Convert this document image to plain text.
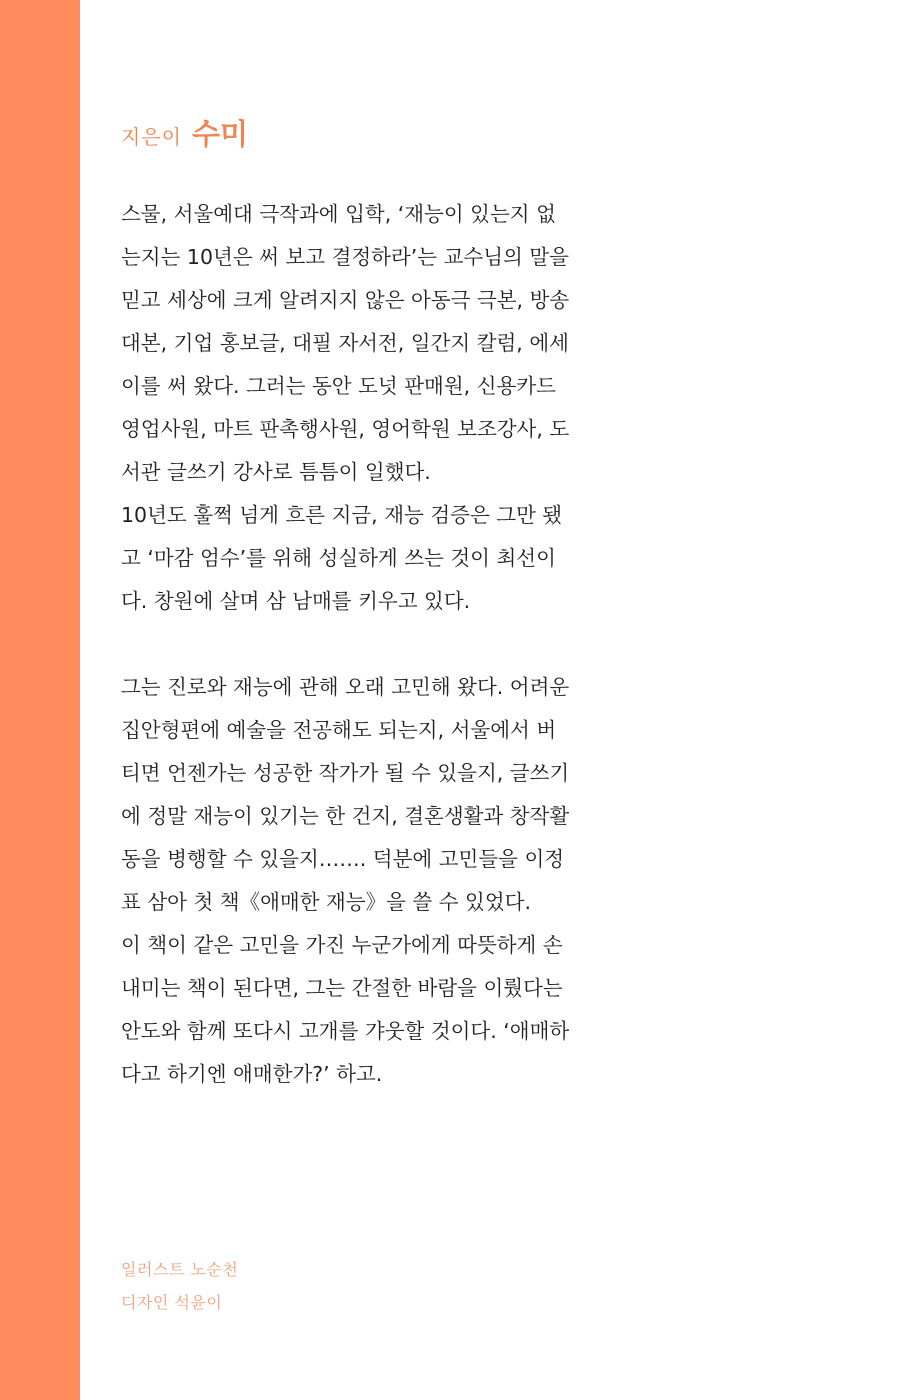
지은이 수미
스물, 서울예대 극작과에 입학, ‘재능이 있는지 없
는지는 10년은 써 보고 결정하라’는 교수님의 말을
믿고 세상에 크게 알려지지 않은 아동극 극본, 방송
대본, 기업 홍보글, 대필 자서전, 일간지 칼럼, 에세
이를 써 왔다. 그러는 동안 도넛 판매원, 신용카드
영업사원, 마트 판촉행사원, 영어학원 보조강사, 도
서관 글쓰기 강사로 틈틈이 일했다.
10년도 훌쩍 넘게 흐른 지금, 재능 검증은 그만 됐
고 ‘마감 엄수’를 위해 성실하게 쓰는 것이 최선이
다. 창원에 살며 삼 남매를 키우고 있다.
그는 진로와 재능에 관해 오래 고민해 왔다. 어려운
집안형편에 예술을 전공해도 되는지, 서울에서 버
티면 언젠가는 성공한 작가가 될 수 있을지, 글쓰기
에 정말 재능이 있기는 한 건지, 결혼생활과 창작활
동을 병행할 수 있을지……. 덕분에 고민들을 이정
표 삼아 첫 책《애매한 재능》을 쓸 수 있었다.
이 책이 같은 고민을 가진 누군가에게 따뜻하게 손
내미는 책이 된다면, 그는 간절한 바람을 이뤘다는
안도와 함께 또다시 고개를 갸웃할 것이다. ‘애매하
다고 하기엔 애매한가?’ 하고.
일러스트 노순천
디자인 석윤이
